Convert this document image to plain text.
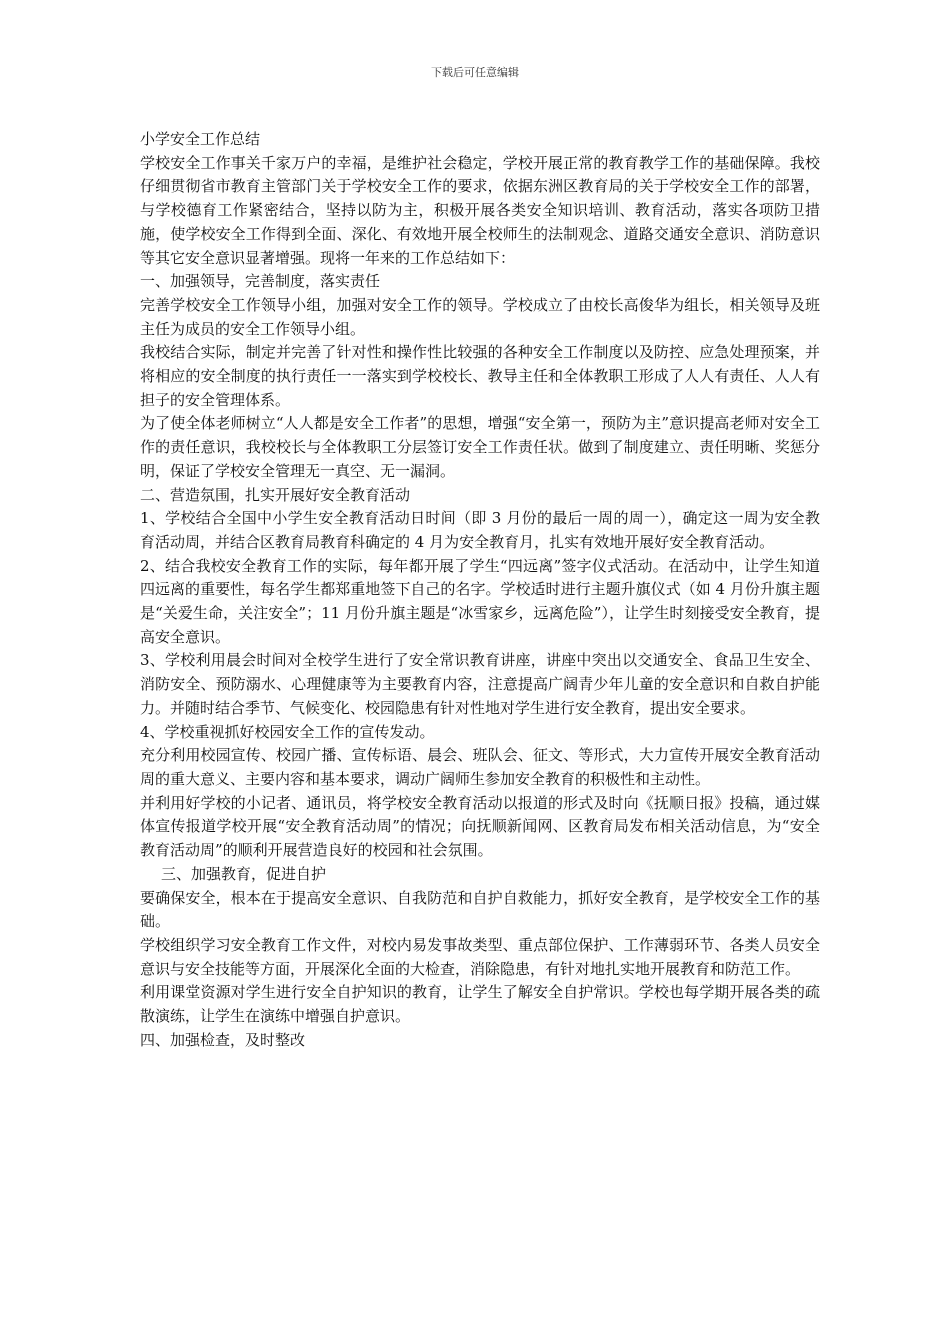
下载后可任意编辑

小学安全工作总结

学校安全工作事关千家万户的幸福，是维护社会稳定，学校开展正常的教育教学工作的基础保障。我校仔细贯彻省市教育主管部门关于学校安全工作的要求，依据东洲区教育局的关于学校安全工作的部署，与学校德育工作紧密结合，坚持以防为主，积极开展各类安全知识培训、教育活动，落实各项防卫措施，使学校安全工作得到全面、深化、有效地开展全校师生的法制观念、道路交通安全意识、消防意识等其它安全意识显著增强。现将一年来的工作总结如下：

一、加强领导，完善制度，落实责任

完善学校安全工作领导小组，加强对安全工作的领导。学校成立了由校长高俊华为组长，相关领导及班主任为成员的安全工作领导小组。

我校结合实际，制定并完善了针对性和操作性比较强的各种安全工作制度以及防控、应急处理预案，并将相应的安全制度的执行责任一一落实到学校校长、教导主任和全体教职工形成了人人有责任、人人有担子的安全管理体系。

为了使全体老师树立“人人都是安全工作者”的思想，增强“安全第一，预防为主”意识提高老师对安全工作的责任意识，我校校长与全体教职工分层签订安全工作责任状。做到了制度建立、责任明晰、奖惩分明，保证了学校安全管理无一真空、无一漏洞。

二、营造氛围，扎实开展好安全教育活动

1、学校结合全国中小学生安全教育活动日时间（即 3 月份的最后一周的周一），确定这一周为安全教育活动周，并结合区教育局教育科确定的 4 月为安全教育月，扎实有效地开展好安全教育活动。

2、结合我校安全教育工作的实际，每年都开展了学生“四远离”签字仪式活动。在活动中，让学生知道四远离的重要性，每名学生都郑重地签下自己的名字。学校适时进行主题升旗仪式（如 4 月份升旗主题是“关爱生命，关注安全”；11 月份升旗主题是“冰雪家乡，远离危险”），让学生时刻接受安全教育，提高安全意识。

3、学校利用晨会时间对全校学生进行了安全常识教育讲座，讲座中突出以交通安全、食品卫生安全、消防安全、预防溺水、心理健康等为主要教育内容，注意提高广阔青少年儿童的安全意识和自救自护能力。并随时结合季节、气候变化、校园隐患有针对性地对学生进行安全教育，提出安全要求。

4、学校重视抓好校园安全工作的宣传发动。

充分利用校园宣传、校园广播、宣传标语、晨会、班队会、征文、等形式，大力宣传开展安全教育活动周的重大意义、主要内容和基本要求，调动广阔师生参加安全教育的积极性和主动性。

并利用好学校的小记者、通讯员，将学校安全教育活动以报道的形式及时向《抚顺日报》投稿，通过媒体宣传报道学校开展“安全教育活动周”的情况；向抚顺新闻网、区教育局发布相关活动信息，为“安全教育活动周”的顺利开展营造良好的校园和社会氛围。

三、加强教育，促进自护

要确保安全，根本在于提高安全意识、自我防范和自护自救能力，抓好安全教育，是学校安全工作的基础。

学校组织学习安全教育工作文件，对校内易发事故类型、重点部位保护、工作薄弱环节、各类人员安全意识与安全技能等方面，开展深化全面的大检查，消除隐患，有针对地扎实地开展教育和防范工作。

利用课堂资源对学生进行安全自护知识的教育，让学生了解安全自护常识。学校也每学期开展各类的疏散演练，让学生在演练中增强自护意识。

四、加强检查，及时整改
